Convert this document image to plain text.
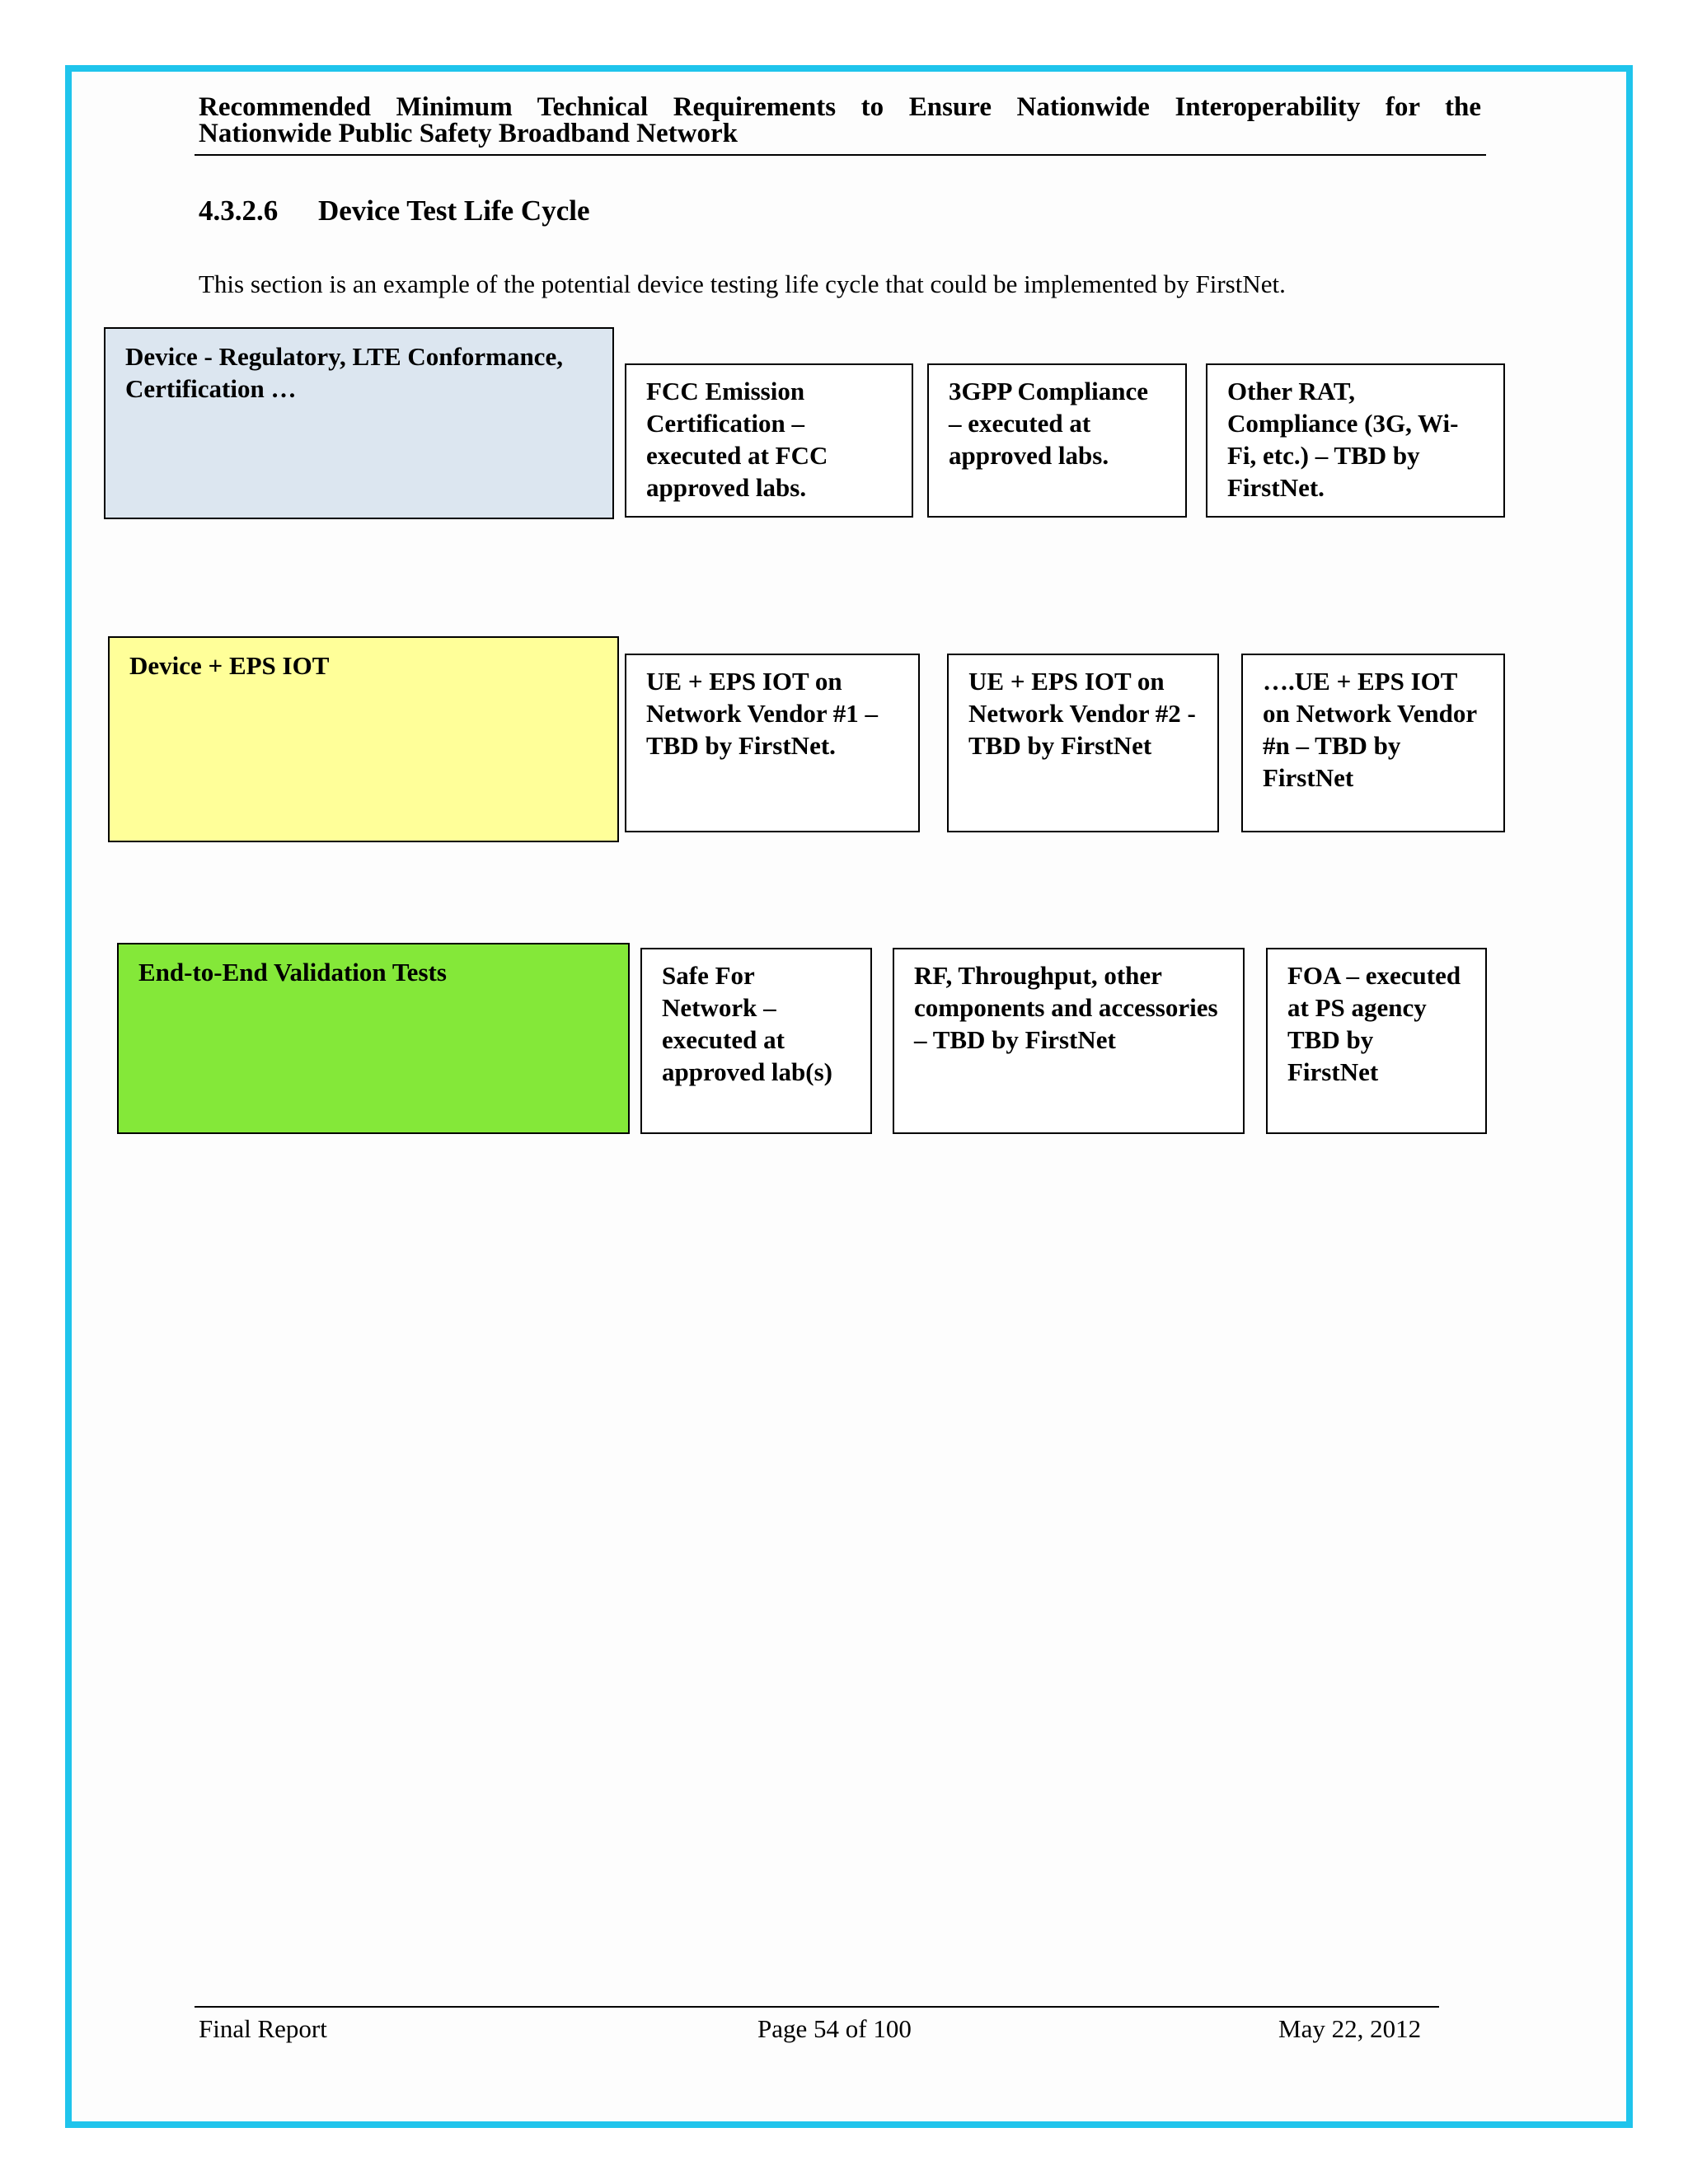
Recommended Minimum Technical Requirements to Ensure Nationwide Interoperability for the
Nationwide Public Safety Broadband Network
4.3.2.6 Device Test Life Cycle
This section is an example of the potential device testing life cycle that could be implemented by FirstNet.
Device - Regulatory, LTE Conformance, Certification …	FCC Emission Certification – executed at FCC approved labs.
3GPP Compliance – executed at approved labs.
Other RAT, Compliance (3G, Wi-Fi, etc.) – TBD by FirstNet.
Device + EPS IOT
UE + EPS IOT on Network Vendor #1 – TBD by FirstNet.
UE + EPS IOT on Network Vendor #2 - TBD by FirstNet
….UE + EPS IOT on Network Vendor #n – TBD by FirstNet
End-to-End Validation Tests	Safe For Network – executed at approved lab(s)
RF, Throughput, other components and accessories – TBD by FirstNet
FOA – executed at PS agency TBD by FirstNet
Final Report	Page 54 of 100	May 22, 2012
